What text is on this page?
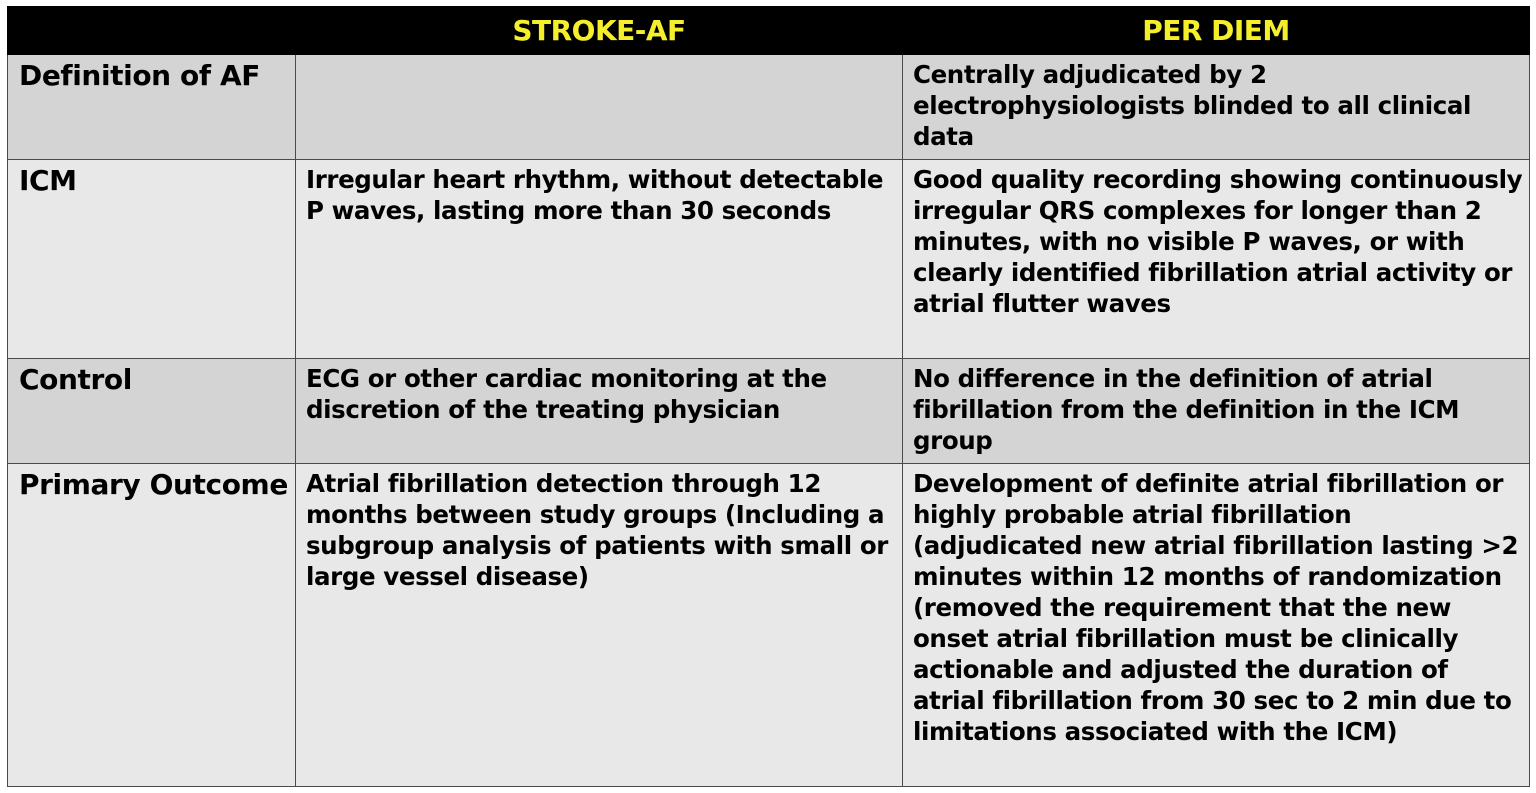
	STROKE-AF	PER DIEM
Definition of AF		Centrally adjudicated by 2 electrophysiologists blinded to all clinical data
ICM	Irregular heart rhythm, without detectable P waves, lasting more than 30 seconds	Good quality recording showing continuously irregular QRS complexes for longer than 2 minutes, with no visible P waves, or with clearly identified fibrillation atrial activity or atrial flutter waves
Control	ECG or other cardiac monitoring at the discretion of the treating physician	No difference in the definition of atrial fibrillation from the definition in the ICM group
Primary Outcome	Atrial fibrillation detection through 12 months between study groups (Including a subgroup analysis of patients with small or large vessel disease)	Development of definite atrial fibrillation or highly probable atrial fibrillation (adjudicated new atrial fibrillation lasting >2 minutes within 12 months of randomization (removed the requirement that the new onset atrial fibrillation must be clinically actionable and adjusted the duration of atrial fibrillation from 30 sec to 2 min due to limitations associated with the ICM)
